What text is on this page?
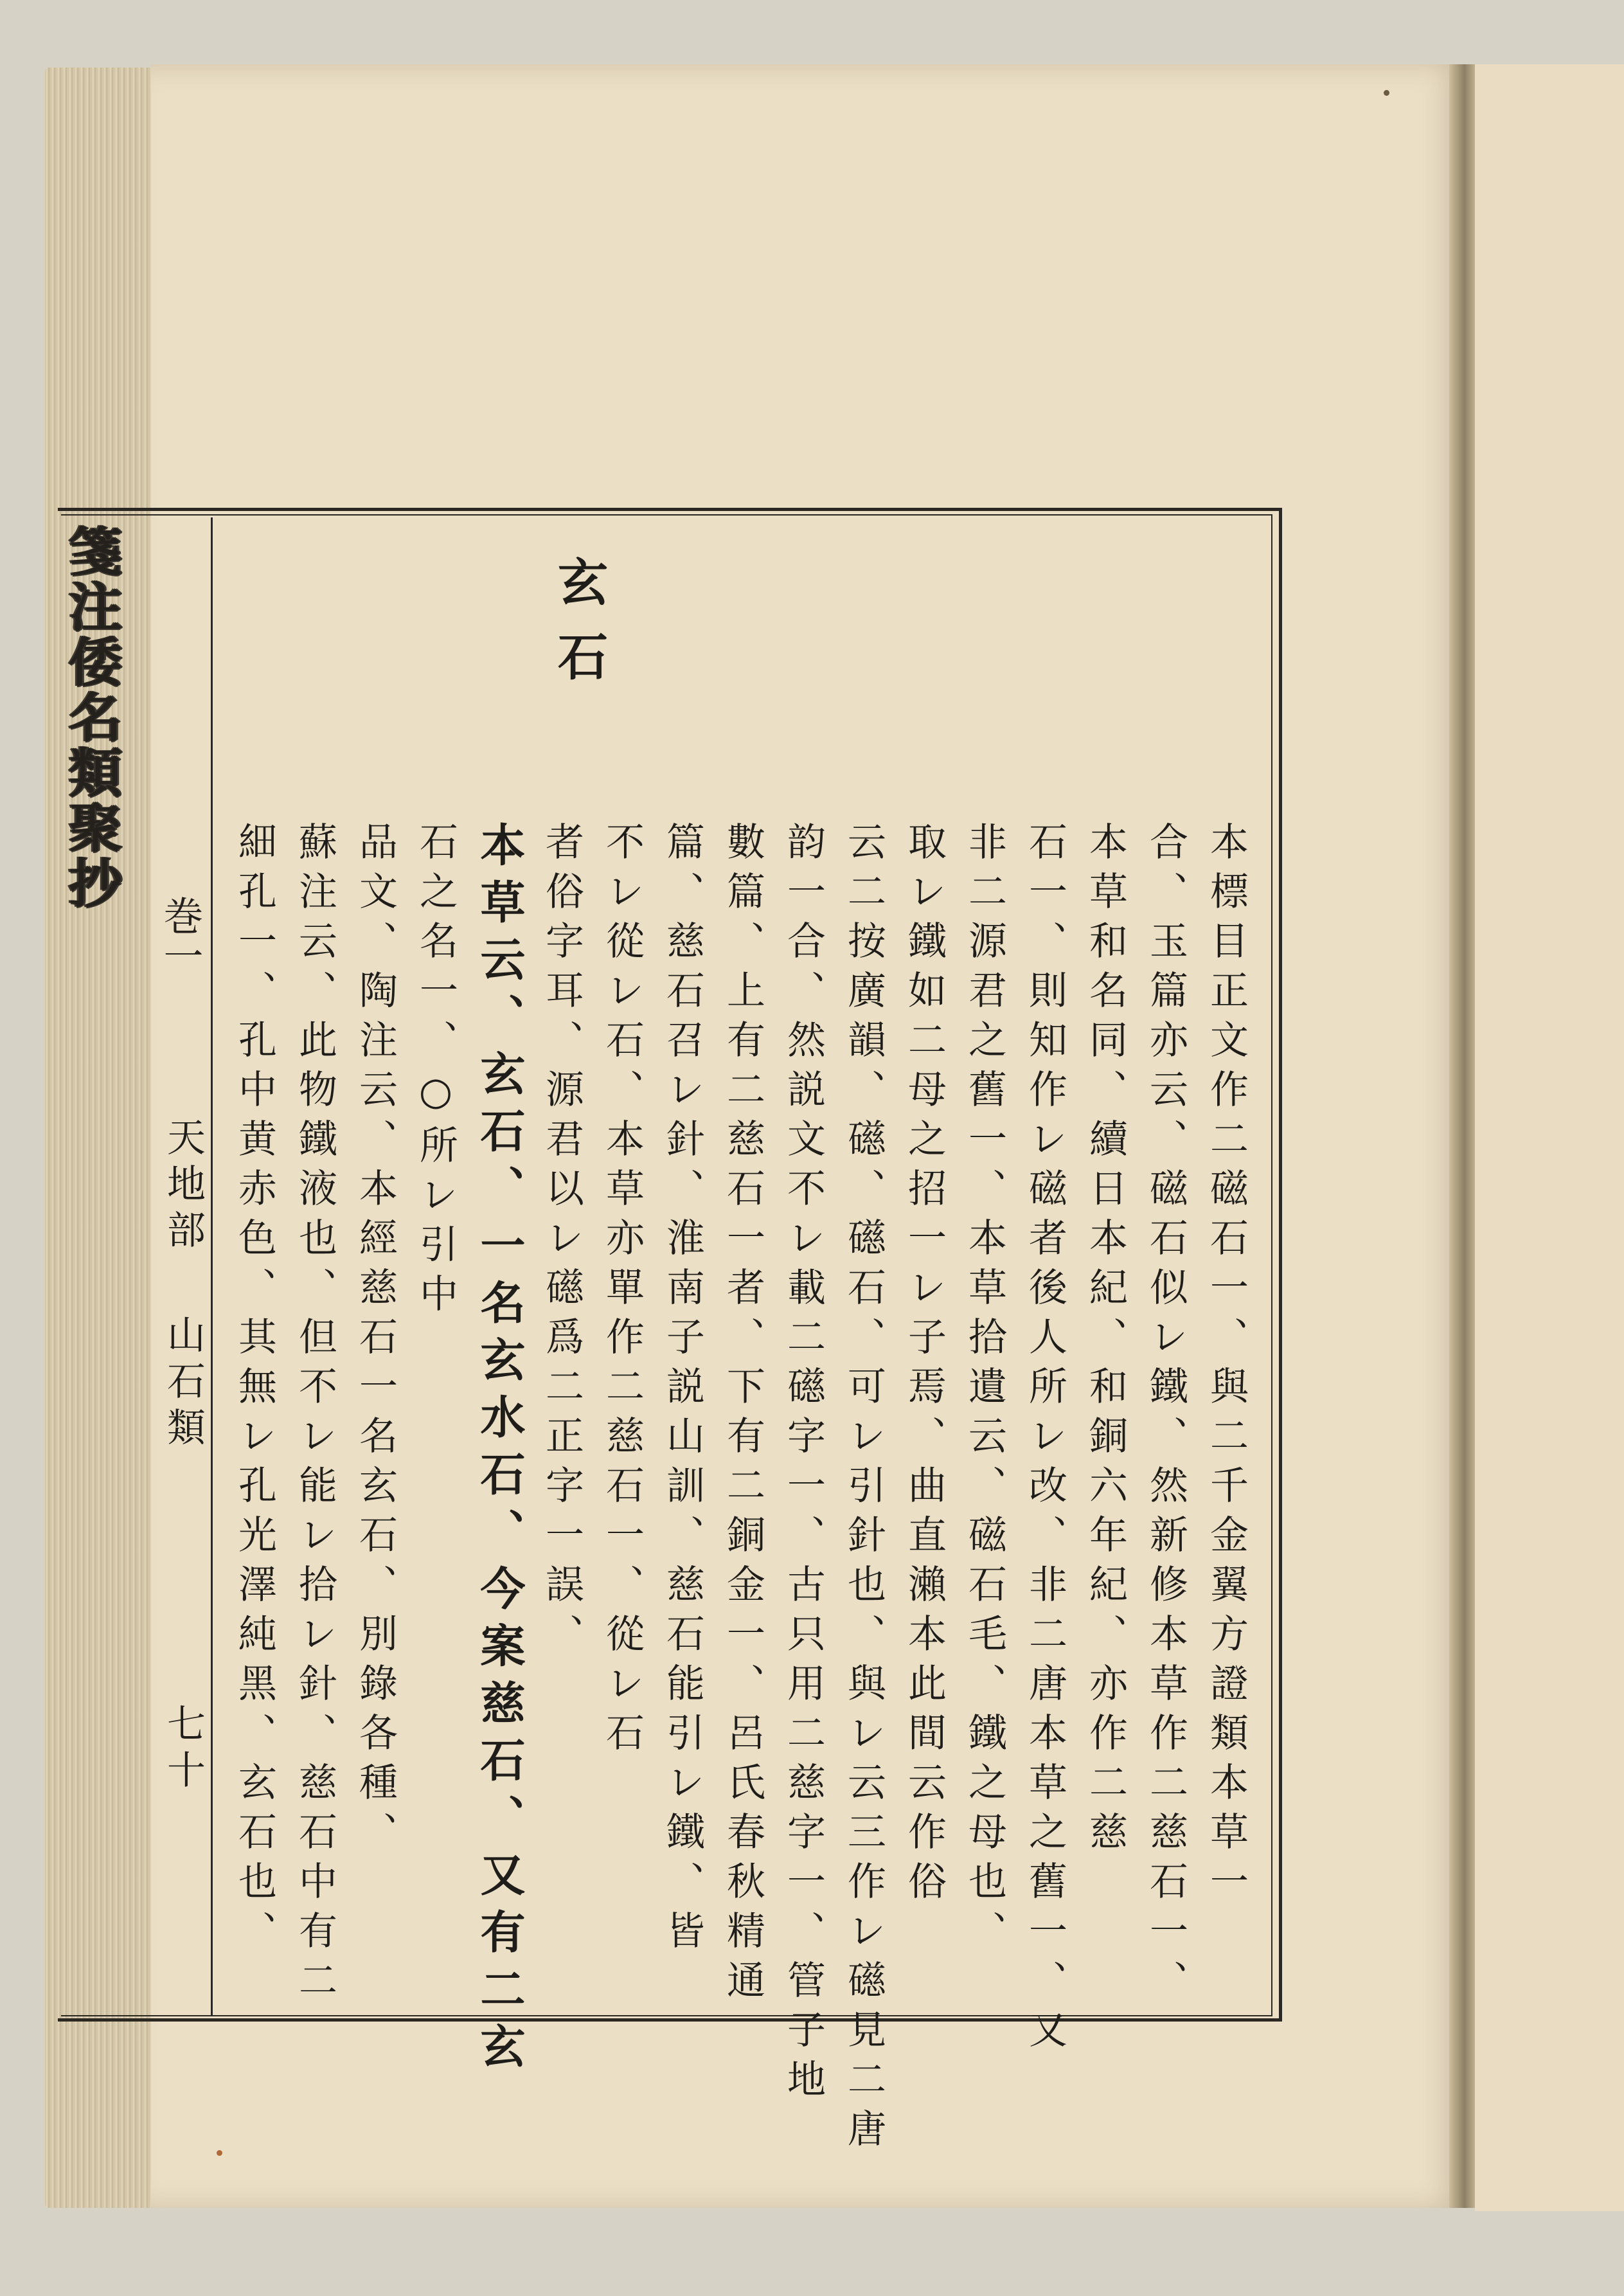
箋注倭名類聚抄
巻一
天地部
山石類
七十
玄石
本標目正文作二磁石一、與二千金翼方證類本草一
合、玉篇亦云、磁石似レ鐵、然新修本草作二慈石一、
本草和名同、續日本紀、和銅六年紀、亦作二慈
石一、則知作レ磁者後人所レ改、非二唐本草之舊一、又
非二源君之舊一、本草拾遺云、磁石毛、鐵之母也、
取レ鐵如二母之招一レ子焉、曲直瀨本此間云作俗
云二按廣韻、礠、礠石、可レ引針也、與レ云三作レ礠見二唐
韵一合、然説文不レ載二礠字一、古只用二慈字一、管子地
數篇、上有二慈石一者、下有二銅金一、呂氏春秋精通
篇、慈石召レ針、淮南子説山訓、慈石能引レ鐵、皆
不レ從レ石、本草亦單作二慈石一、從レ石
者俗字耳、源君以レ礠爲二正字一誤、
本草云、玄石、一名玄水石、今案慈石、又有二玄
石之名一、○所レ引中
品文、陶注云、本經慈石一名玄石、別錄各種、
蘇注云、此物鐵液也、但不レ能レ拾レ針、慈石中有二
細孔一、孔中黄赤色、其無レ孔光澤純黑、玄石也、
